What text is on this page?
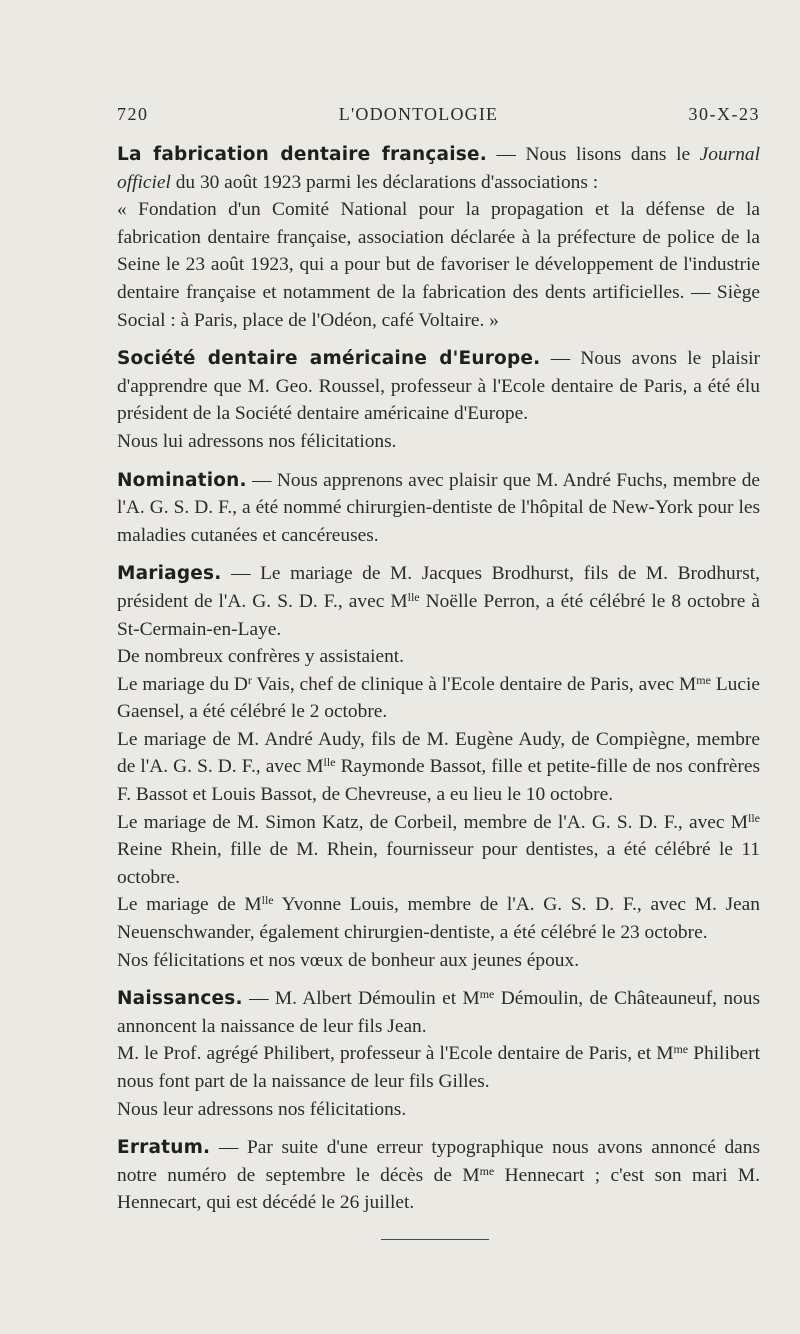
720	L'ODONTOLOGIE	30-X-23

La fabrication dentaire française. — Nous lisons dans le Journal officiel du 30 août 1923 parmi les déclarations d'associations :

« Fondation d'un Comité National pour la propagation et la défense de la fabrication dentaire française, association déclarée à la préfecture de police de la Seine le 23 août 1923, qui a pour but de favoriser le développement de l'industrie dentaire française et notamment de la fabrication des dents artificielles. — Siège Social : à Paris, place de l'Odéon, café Voltaire. »

Société dentaire américaine d'Europe. — Nous avons le plaisir d'apprendre que M. Geo. Roussel, professeur à l'Ecole dentaire de Paris, a été élu président de la Société dentaire américaine d'Europe.

Nous lui adressons nos félicitations.

Nomination. — Nous apprenons avec plaisir que M. André Fuchs, membre de l'A. G. S. D. F., a été nommé chirurgien-dentiste de l'hôpital de New-York pour les maladies cutanées et cancéreuses.

Mariages. — Le mariage de M. Jacques Brodhurst, fils de M. Brodhurst, président de l'A. G. S. D. F., avec $M^{lle}$ Noëlle Perron, a été célébré le 8 octobre à St-Cermain-en-Laye.

De nombreux confrères y assistaient.

Le mariage du $D^r$ Vais, chef de clinique à l'Ecole dentaire de Paris, avec $M^{me}$ Lucie Gaensel, a été célébré le 2 octobre.

Le mariage de M. André Audy, fils de M. Eugène Audy, de Compiègne, membre de l'A. G. S. D. F., avec $M^{lle}$ Raymonde Bassot, fille et petite-fille de nos confrères F. Bassot et Louis Bassot, de Chevreuse, a eu lieu le 10 octobre.

Le mariage de M. Simon Katz, de Corbeil, membre de l'A. G. S. D. F., avec $M^{lle}$ Reine Rhein, fille de M. Rhein, fournisseur pour dentistes, a été célébré le 11 octobre.

Le mariage de $M^{lle}$ Yvonne Louis, membre de l'A. G. S. D. F., avec M. Jean Neuenschwander, également chirurgien-dentiste, a été célébré le 23 octobre.

Nos félicitations et nos vœux de bonheur aux jeunes époux.

Naissances. — M. Albert Démoulin et $M^{me}$ Démoulin, de Châteauneuf, nous annoncent la naissance de leur fils Jean.

M. le Prof. agrégé Philibert, professeur à l'Ecole dentaire de Paris, et $M^{me}$ Philibert nous font part de la naissance de leur fils Gilles.

Nous leur adressons nos félicitations.

Erratum. — Par suite d'une erreur typographique nous avons annoncé dans notre numéro de septembre le décès de $M^{me}$ Hennecart ; c'est son mari M. Hennecart, qui est décédé le 26 juillet.
